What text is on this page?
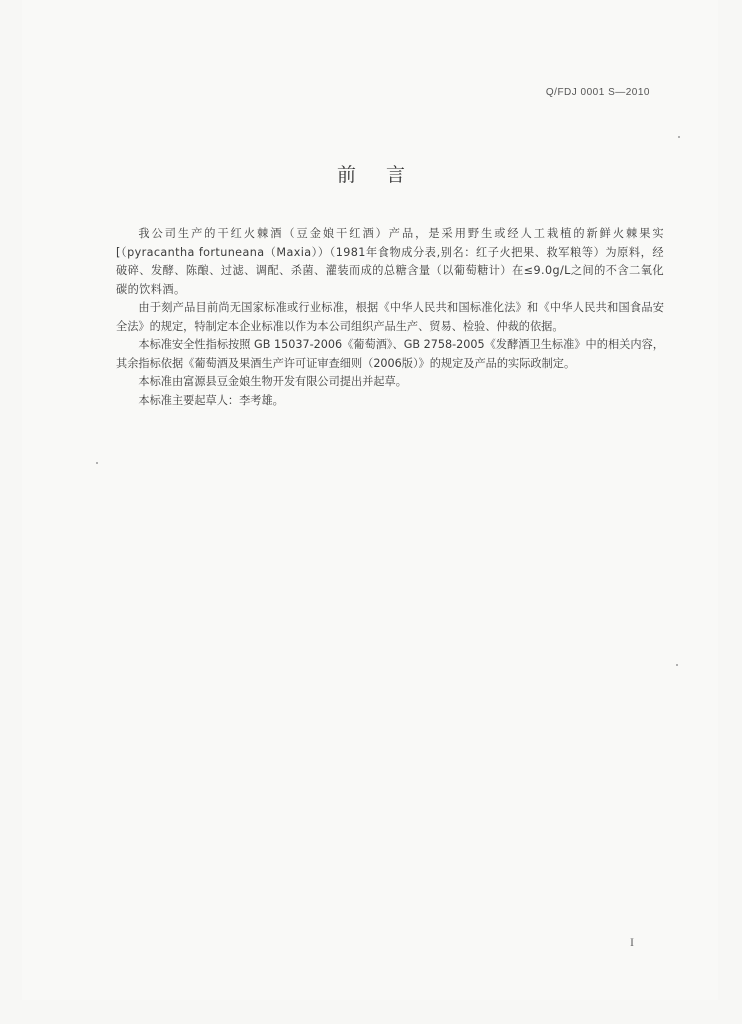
Q/FDJ 0001 S—2010
前言

我公司生产的干红火棘酒（豆金娘干红酒）产品，是采用野生或经人工栽植的新鲜火棘果实[（pyracantha fortuneana（Maxia））（1981年食物成分表,别名：红子火把果、救军粮等）为原料，经破碎、发酵、陈酿、过滤、调配、杀菌、灌装而成的总糖含量（以葡萄糖计）在≤9.0g/L之间的不含二氧化碳的饮料酒。

由于刻产品目前尚无国家标准或行业标准，根据《中华人民共和国标准化法》和《中华人民共和国食品安全法》的规定，特制定本企业标准以作为本公司组织产品生产、贸易、检验、仲裁的依据。

本标准安全性指标按照 GB 15037-2006《葡萄酒》、GB 2758-2005《发酵酒卫生标准》中的相关内容，其余指标依据《葡萄酒及果酒生产许可证审查细则（2006版）》的规定及产品的实际政制定。

本标准由富源县豆金娘生物开发有限公司提出并起草。

本标准主要起草人：李考雄。

I
